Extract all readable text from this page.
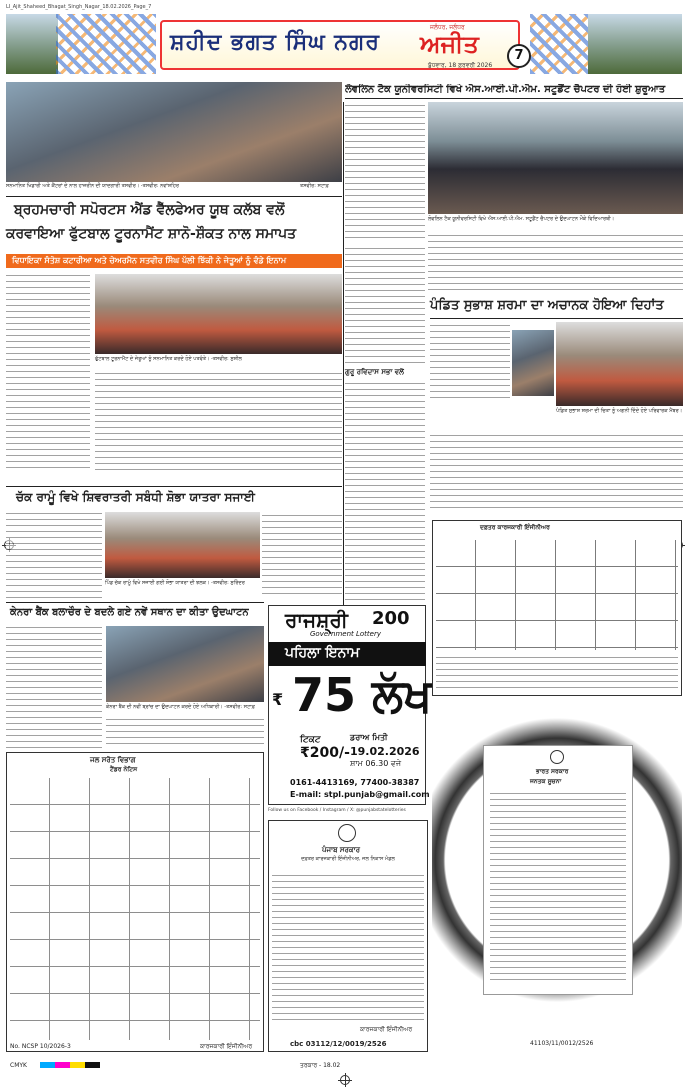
LI_Ajit_Shaheed_Bhagat_Singh_Nagar_18.02.2026_Page_7
ਸ਼ਹੀਦ ਭਗਤ ਸਿੰਘ ਨਗਰ
ਜਲੰਧਰ, ਜਲੰਧਰ
ਅਜੀਤ
ਬੁੱਧਵਾਰ, 18 ਫ਼ਰਵਰੀ 2026
7
ਸਨਮਾਨਿਤ ਖਿਡਾਰੀ ਅਤੇ ਕੈਂਟਰਾਂ ਦੇ ਨਾਲ ਹਾਜ਼ਰੀਨ ਦੀ ਯਾਦਗਾਰੀ ਤਸਵੀਰ। -ਤਸਵੀਰ: ਨਵਾਂਸ਼ਹਿਰ	ਤਸਵੀਰ: ਸਟਾਫ਼
ਲੋਵਲਿਨ ਟੈਕ ਯੂਨੀਵਰਸਿਟੀ ਵਿਖੇ ਐਸ.ਆਈ.ਪੀ.ਐਮ. ਸਟੂਡੈਂਟ ਚੈਪਟਰ ਦੀ ਹੋਈ ਸ਼ੁਰੂਆਤ
ਲੋਵਲਿਨ ਟੈਕ ਯੂਨੀਵਰਸਿਟੀ ਵਿਖੇ ਐਸ.ਆਈ.ਪੀ.ਐਮ. ਸਟੂਡੈਂਟ ਚੈਪਟਰ ਦੇ ਉਦਘਾਟਨ ਮੌਕੇ ਵਿਦਿਆਰਥੀ।
ਬ੍ਰਹਮਚਾਰੀ ਸਪੋਰਟਸ ਐਂਡ ਵੈੱਲਫੇਅਰ ਯੂਥ ਕਲੱਬ ਵਲੋਂ
ਕਰਵਾਇਆ ਫੁੱਟਬਾਲ ਟੂਰਨਾਮੈਂਟ ਸ਼ਾਨੋ-ਸ਼ੌਕਤ ਨਾਲ ਸਮਾਪਤ
ਵਿਧਾਇਕਾ ਸੰਤੋਸ਼ ਕਟਾਰੀਆ ਅਤੇ ਚੇਅਰਮੈਨ ਸਤਵੀਰ ਸਿੰਘ ਪੱਲੀ ਝਿੱਕੀ ਨੇ ਜੇਤੂਆਂ ਨੂੰ ਵੰਡੇ ਇਨਾਮ
ਫੁੱਟਬਾਲ ਟੂਰਨਾਮੈਂਟ ਦੇ ਜੇਤੂਆਂ ਨੂੰ ਸਨਮਾਨਿਤ ਕਰਦੇ ਹੋਏ ਪਤਵੰਤੇ। -ਤਸਵੀਰ: ਸੁਸ਼ੀਲ
ਗੁਰੂ ਰਵਿਦਾਸ ਸਭਾ ਵਲੋਂ
ਪੰਡਿਤ ਸੁਭਾਸ਼ ਸ਼ਰਮਾ ਦਾ ਅਚਾਨਕ ਹੋਇਆ ਦਿਹਾਂਤ
ਪੰਡਿਤ ਸੁਭਾਸ਼ ਸ਼ਰਮਾ ਦੀ ਚਿਤਾ ਨੂੰ ਅਗਨੀ ਦਿੰਦੇ ਹੋਏ ਪਰਿਵਾਰਕ ਮੈਂਬਰ।
ਚੱਕ ਰਾਮੂੰ ਵਿਖੇ ਸ਼ਿਵਰਾਤਰੀ ਸਬੰਧੀ ਸ਼ੋਭਾ ਯਾਤਰਾ ਸਜਾਈ
ਪਿੰਡ ਚੱਕ ਰਾਮੂੰ ਵਿਖੇ ਸਜਾਈ ਗਈ ਸ਼ੋਭਾ ਯਾਤਰਾ ਦੀ ਝਲਕ। -ਤਸਵੀਰ: ਸੁਰਿੰਦਰ
ਕੇਨਰਾ ਬੈਂਕ ਬਲਾਚੌਰ ਦੇ ਬਦਲੇ ਗਏ ਨਵੇਂ ਸਥਾਨ ਦਾ ਕੀਤਾ ਉਦਘਾਟਨ
ਕੇਨਰਾ ਬੈਂਕ ਦੀ ਨਵੀਂ ਬ੍ਰਾਂਚ ਦਾ ਉਦਘਾਟਨ ਕਰਦੇ ਹੋਏ ਅਧਿਕਾਰੀ। -ਤਸਵੀਰ: ਸਟਾਫ਼
ਰਾਜਸ਼੍ਰੀ 200
Government Lottery
ਪਹਿਲਾ ਇਨਾਮ
₹ 75 ਲੱਖ
ਟਿਕਟ
₹200/-
ਡਰਾਅ ਮਿਤੀ
19.02.2026
ਸ਼ਾਮ 06.30 ਵਜੇ
0161-4413169, 77400-38387
E-mail: stpl.punjab@gmail.com
Follow us on Facebook / Instagram / X: @punjabstatelotteries
ਦਫ਼ਤਰ ਕਾਰਜਕਾਰੀ ਇੰਜੀਨੀਅਰ
ਜਲ ਸਰੋਤ ਵਿਭਾਗ
ਟੈਂਡਰ ਨੋਟਿਸ
No. NCSP 10/2026-3	ਕਾਰਜਕਾਰੀ ਇੰਜੀਨੀਅਰ
ਪੰਜਾਬ ਸਰਕਾਰ
ਦਫ਼ਤਰ ਕਾਰਜਕਾਰੀ ਇੰਜੀਨੀਅਰ, ਜਲ ਨਿਕਾਸ ਮੰਡਲ
ਕਾਰਜਕਾਰੀ ਇੰਜੀਨੀਅਰ
cbc 03112/12/0019/2526
ਭਾਰਤ ਸਰਕਾਰ
ਜਨਤਕ ਸੂਚਨਾ
41103/11/0012/2526
CMYK	ਤਰਕਾਰ - 18.02
